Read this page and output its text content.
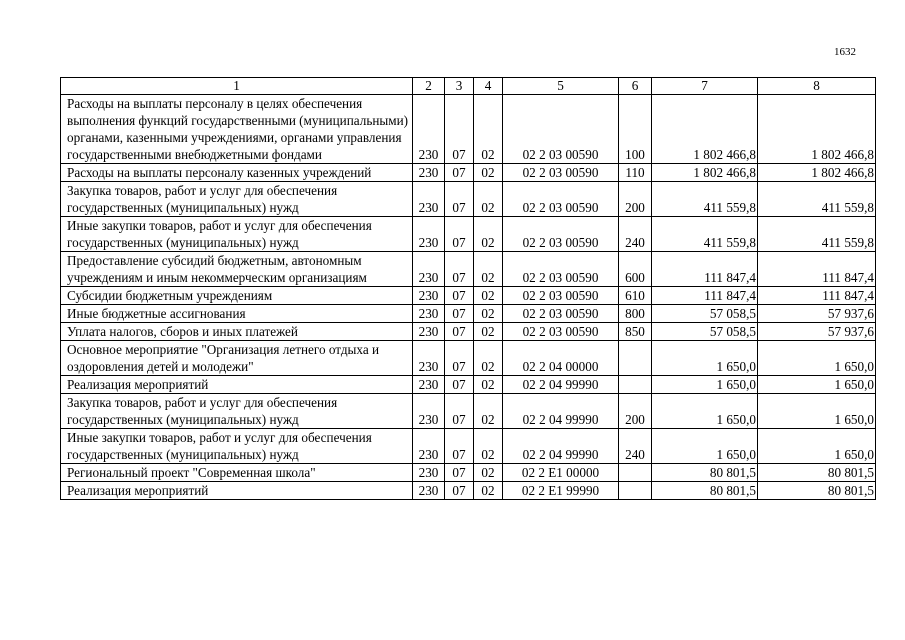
1632
1	2	3	4	5	6	7	8
Расходы на выплаты персоналу в целях обеспечения выполнения функций государственными (муниципальными) органами, казенными учреждениями, органами управления государственными внебюджетными фондами	230	07	02	02 2 03 00590	100	1 802 466,8	1 802 466,8
Расходы на выплаты персоналу казенных учреждений	230	07	02	02 2 03 00590	110	1 802 466,8	1 802 466,8
Закупка товаров, работ и услуг для обеспечения государственных (муниципальных) нужд	230	07	02	02 2 03 00590	200	411 559,8	411 559,8
Иные закупки товаров, работ и услуг для обеспечения государственных (муниципальных) нужд	230	07	02	02 2 03 00590	240	411 559,8	411 559,8
Предоставление субсидий бюджетным, автономным учреждениям и иным некоммерческим организациям	230	07	02	02 2 03 00590	600	111 847,4	111 847,4
Субсидии бюджетным учреждениям	230	07	02	02 2 03 00590	610	111 847,4	111 847,4
Иные бюджетные ассигнования	230	07	02	02 2 03 00590	800	57 058,5	57 937,6
Уплата налогов, сборов и иных платежей	230	07	02	02 2 03 00590	850	57 058,5	57 937,6
Основное мероприятие "Организация летнего отдыха и оздоровления детей и молодежи"	230	07	02	02 2 04 00000		1 650,0	1 650,0
Реализация мероприятий	230	07	02	02 2 04 99990		1 650,0	1 650,0
Закупка товаров, работ и услуг для обеспечения государственных (муниципальных) нужд	230	07	02	02 2 04 99990	200	1 650,0	1 650,0
Иные закупки товаров, работ и услуг для обеспечения государственных (муниципальных) нужд	230	07	02	02 2 04 99990	240	1 650,0	1 650,0
Региональный проект "Современная школа"	230	07	02	02 2 E1 00000		80 801,5	80 801,5
Реализация мероприятий	230	07	02	02 2 E1 99990		80 801,5	80 801,5
